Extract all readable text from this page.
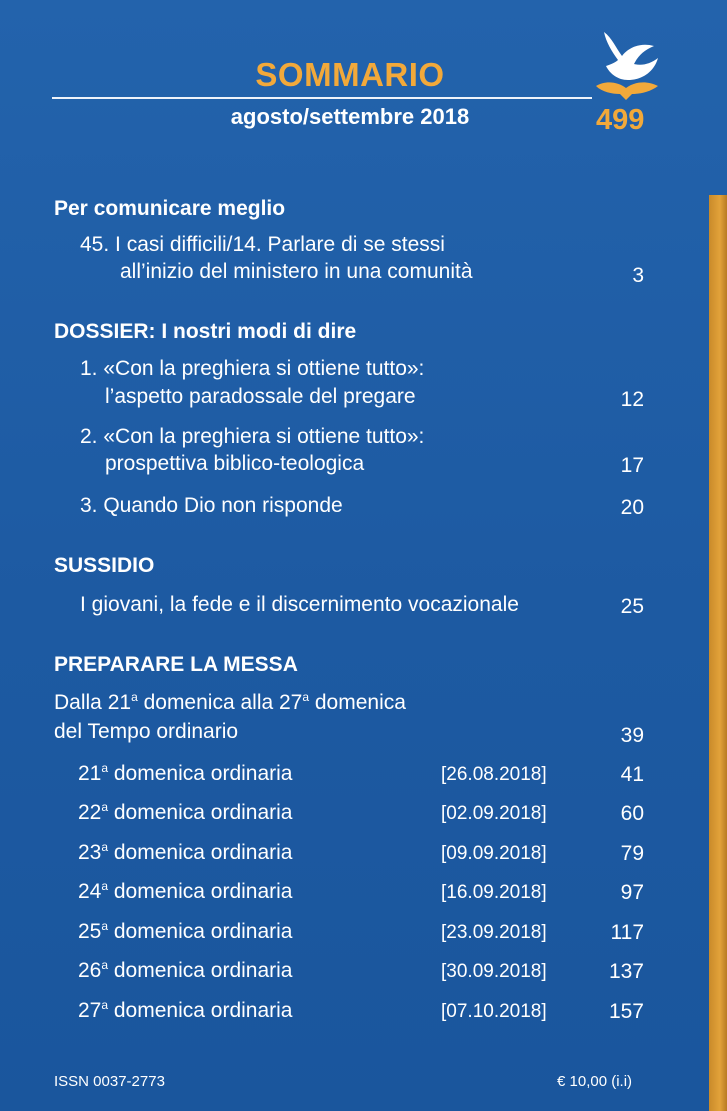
SOMMARIO
agosto/settembre 2018	499
Per comunicare meglio
45. I casi difficili/14. Parlare di se stessi
all’inizio del ministero in una comunità	3
DOSSIER: I nostri modi di dire
1. «Con la preghiera si ottiene tutto»:
l’aspetto paradossale del pregare	12
2. «Con la preghiera si ottiene tutto»:
prospettiva biblico-teologica	17
3. Quando Dio non risponde	20
SUSSIDIO
I giovani, la fede e il discernimento vocazionale	25
PREPARARE LA MESSA
Dalla 21$^a$ domenica alla 27$^a$ domenica
del Tempo ordinario	39
21$^a$ domenica ordinaria	[26.08.2018]	41
22$^a$ domenica ordinaria	[02.09.2018]	60
23$^a$ domenica ordinaria	[09.09.2018]	79
24$^a$ domenica ordinaria	[16.09.2018]	97
25$^a$ domenica ordinaria	[23.09.2018]	117
26$^a$ domenica ordinaria	[30.09.2018]	137
27$^a$ domenica ordinaria	[07.10.2018]	157
ISSN 0037-2773	€ 10,00 (i.i)
